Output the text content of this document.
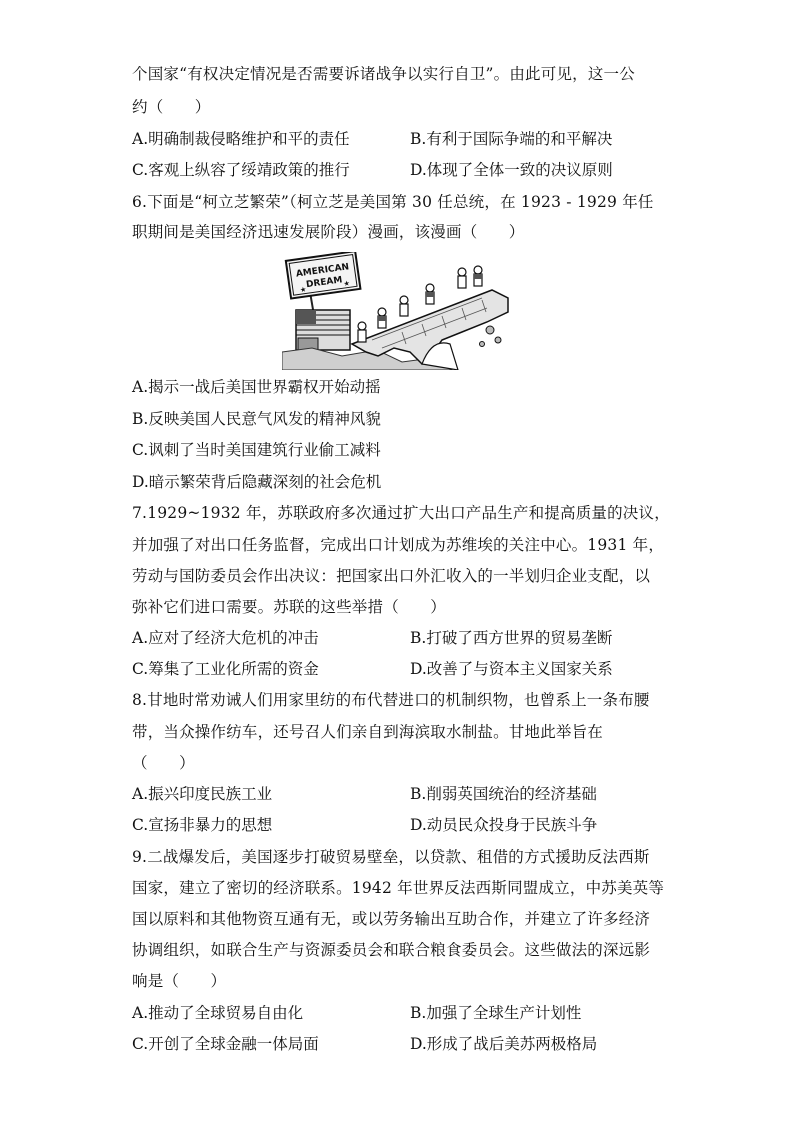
个国家“有权决定情况是否需要诉诸战争以实行自卫”。由此可见，这一公
约（　　）
A.明确制裁侵略维护和平的责任	B.有利于国际争端的和平解决
C.客观上纵容了绥靖政策的推行	D.体现了全体一致的决议原则
6.下面是“柯立芝繁荣”（柯立芝是美国第 30 任总统，在 1923 - 1929 年任
职期间是美国经济迅速发展阶段）漫画，该漫画（　　）
AMERICAN
DREAM
★
★
A.揭示一战后美国世界霸权开始动摇
B.反映美国人民意气风发的精神风貌
C.讽刺了当时美国建筑行业偷工减料
D.暗示繁荣背后隐藏深刻的社会危机
7.1929~1932 年，苏联政府多次通过扩大出口产品生产和提高质量的决议，
并加强了对出口任务监督，完成出口计划成为苏维埃的关注中心。1931 年，
劳动与国防委员会作出决议：把国家出口外汇收入的一半划归企业支配，以
弥补它们进口需要。苏联的这些举措（　　）
A.应对了经济大危机的冲击	B.打破了西方世界的贸易垄断
C.筹集了工业化所需的资金	D.改善了与资本主义国家关系
8.甘地时常劝诫人们用家里纺的布代替进口的机制织物，也曾系上一条布腰
带，当众操作纺车，还号召人们亲自到海滨取水制盐。甘地此举旨在
（　　）
A.振兴印度民族工业	B.削弱英国统治的经济基础
C.宣扬非暴力的思想	D.动员民众投身于民族斗争
9.二战爆发后，美国逐步打破贸易壁垒，以贷款、租借的方式援助反法西斯
国家，建立了密切的经济联系。1942 年世界反法西斯同盟成立，中苏美英等
国以原料和其他物资互通有无，或以劳务输出互助合作，并建立了许多经济
协调组织，如联合生产与资源委员会和联合粮食委员会。这些做法的深远影
响是（　　）
A.推动了全球贸易自由化	B.加强了全球生产计划性
C.开创了全球金融一体局面	D.形成了战后美苏两极格局
